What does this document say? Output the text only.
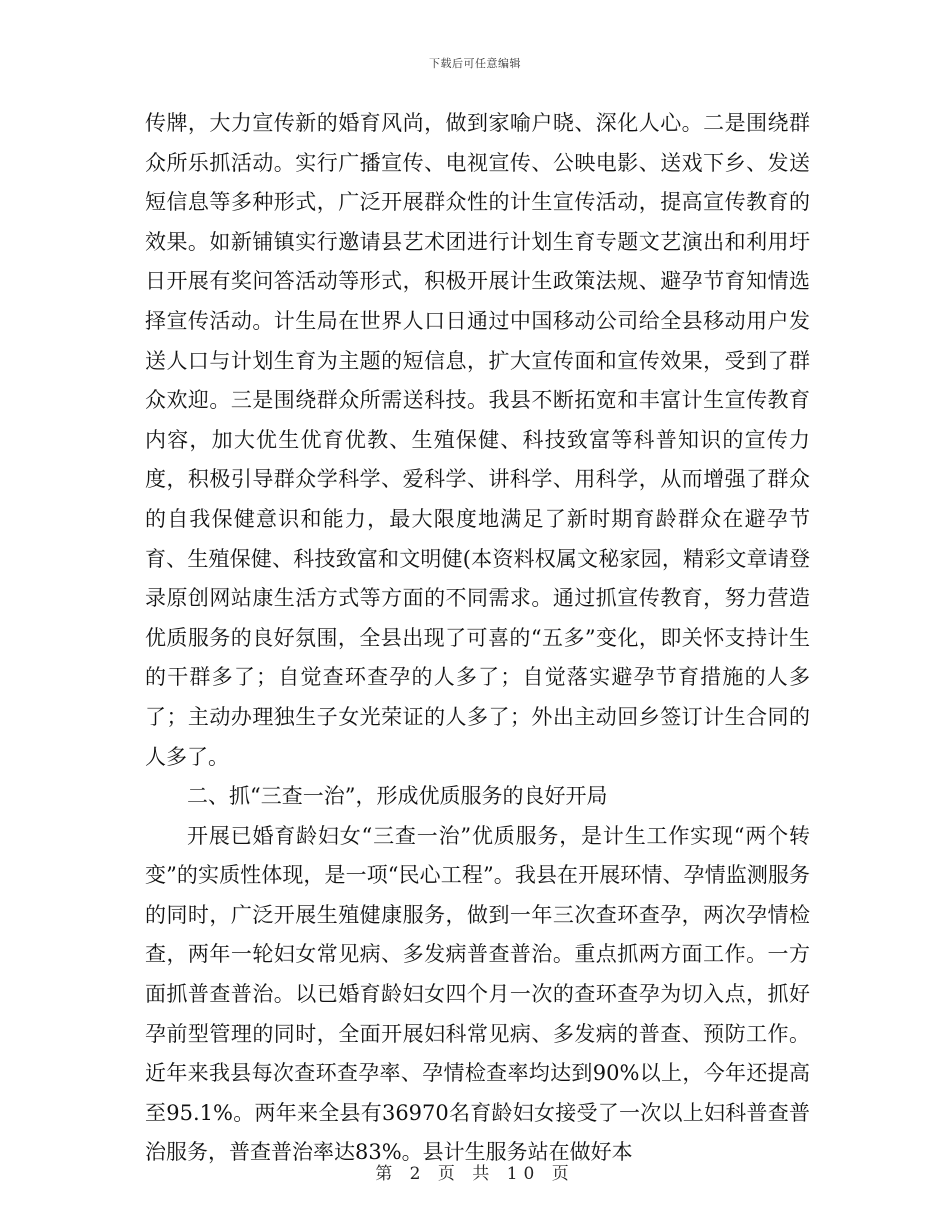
下载后可任意编辑

传牌，大力宣传新的婚育风尚，做到家喻户晓、深化人心。二是围绕群众所乐抓活动。实行广播宣传、电视宣传、公映电影、送戏下乡、发送短信息等多种形式，广泛开展群众性的计生宣传活动，提高宣传教育的效果。如新铺镇实行邀请县艺术团进行计划生育专题文艺演出和利用圩日开展有奖问答活动等形式，积极开展计生政策法规、避孕节育知情选择宣传活动。计生局在世界人口日通过中国移动公司给全县移动用户发送人口与计划生育为主题的短信息，扩大宣传面和宣传效果，受到了群众欢迎。三是围绕群众所需送科技。我县不断拓宽和丰富计生宣传教育内容，加大优生优育优教、生殖保健、科技致富等科普知识的宣传力度，积极引导群众学科学、爱科学、讲科学、用科学，从而增强了群众的自我保健意识和能力，最大限度地满足了新时期育龄群众在避孕节育、生殖保健、科技致富和文明健(本资料权属文秘家园，精彩文章请登录原创网站康生活方式等方面的不同需求。通过抓宣传教育，努力营造优质服务的良好氛围，全县出现了可喜的“五多”变化，即关怀支持计生的干群多了；自觉查环查孕的人多了；自觉落实避孕节育措施的人多了；主动办理独生子女光荣证的人多了；外出主动回乡签订计生合同的人多了。

二、抓“三查一治”，形成优质服务的良好开局

开展已婚育龄妇女“三查一治”优质服务，是计生工作实现“两个转变”的实质性体现，是一项“民心工程”。我县在开展环情、孕情监测服务的同时，广泛开展生殖健康服务，做到一年三次查环查孕，两次孕情检查，两年一轮妇女常见病、多发病普查普治。重点抓两方面工作。一方面抓普查普治。以已婚育龄妇女四个月一次的查环查孕为切入点，抓好孕前型管理的同时，全面开展妇科常见病、多发病的普查、预防工作。近年来我县每次查环查孕率、孕情检查率均达到90%以上，今年还提高至95.1%。两年来全县有36970名育龄妇女接受了一次以上妇科普查普治服务，普查普治率达83%。县计生服务站在做好本

第 2 页 共 10 页
